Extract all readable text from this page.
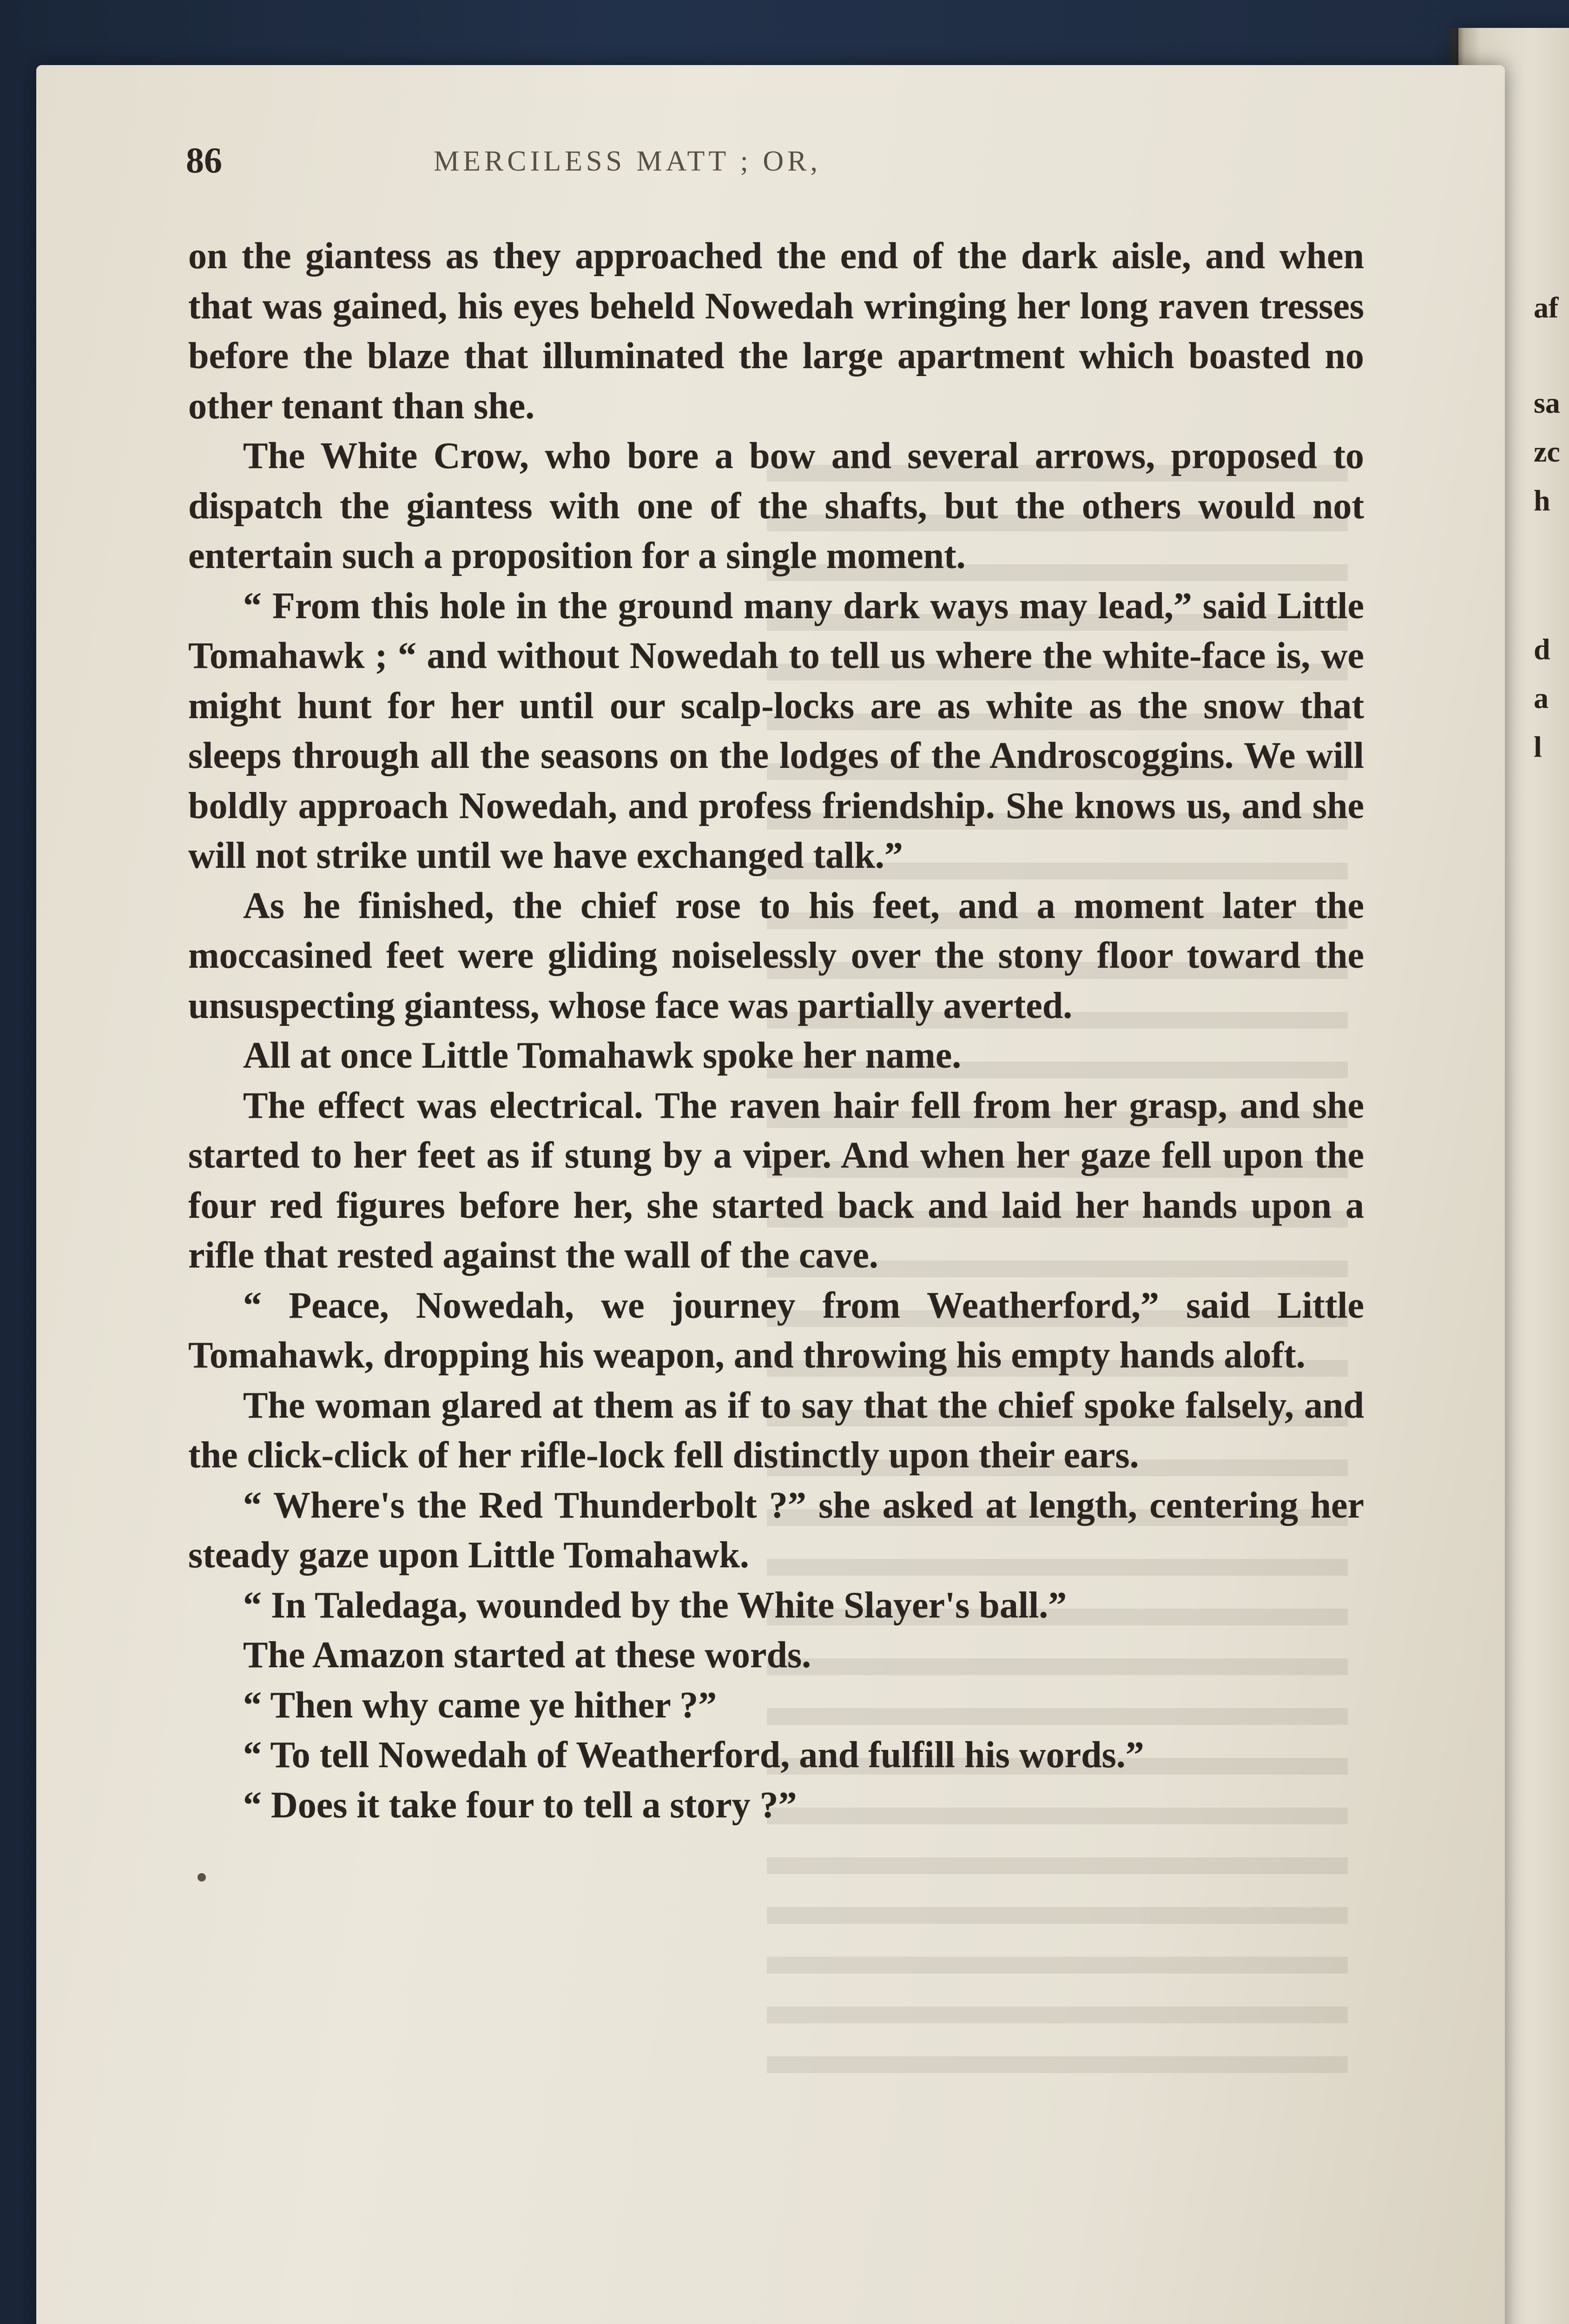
af
sa
zc
h
d
a
l
86	MERCILESS MATT ; OR,

on the giantess as they approached the end of the dark aisle, and when that was gained, his eyes beheld Nowedah wringing her long raven tresses before the blaze that illuminated the large apartment which boasted no other tenant than she.

The White Crow, who bore a bow and several arrows, proposed to dispatch the giantess with one of the shafts, but the others would not entertain such a proposition for a single moment.

“ From this hole in the ground many dark ways may lead,” said Little Tomahawk ; “ and without Nowedah to tell us where the white-face is, we might hunt for her until our scalp-locks are as white as the snow that sleeps through all the seasons on the lodges of the Androscoggins. We will boldly approach Nowedah, and profess friendship. She knows us, and she will not strike until we have exchanged talk.”

As he finished, the chief rose to his feet, and a moment later the moccasined feet were gliding noiselessly over the stony floor toward the unsuspecting giantess, whose face was partially averted.

All at once Little Tomahawk spoke her name.

The effect was electrical. The raven hair fell from her grasp, and she started to her feet as if stung by a viper. And when her gaze fell upon the four red figures before her, she started back and laid her hands upon a rifle that rested against the wall of the cave.

“ Peace, Nowedah, we journey from Weatherford,” said Little Tomahawk, dropping his weapon, and throwing his empty hands aloft.

The woman glared at them as if to say that the chief spoke falsely, and the click-click of her rifle-lock fell distinctly upon their ears.

“ Where's the Red Thunderbolt ?” she asked at length, centering her steady gaze upon Little Tomahawk.

“ In Taledaga, wounded by the White Slayer's ball.”

The Amazon started at these words.

“ Then why came ye hither ?”

“ To tell Nowedah of Weatherford, and fulfill his words.”

“ Does it take four to tell a story ?”
